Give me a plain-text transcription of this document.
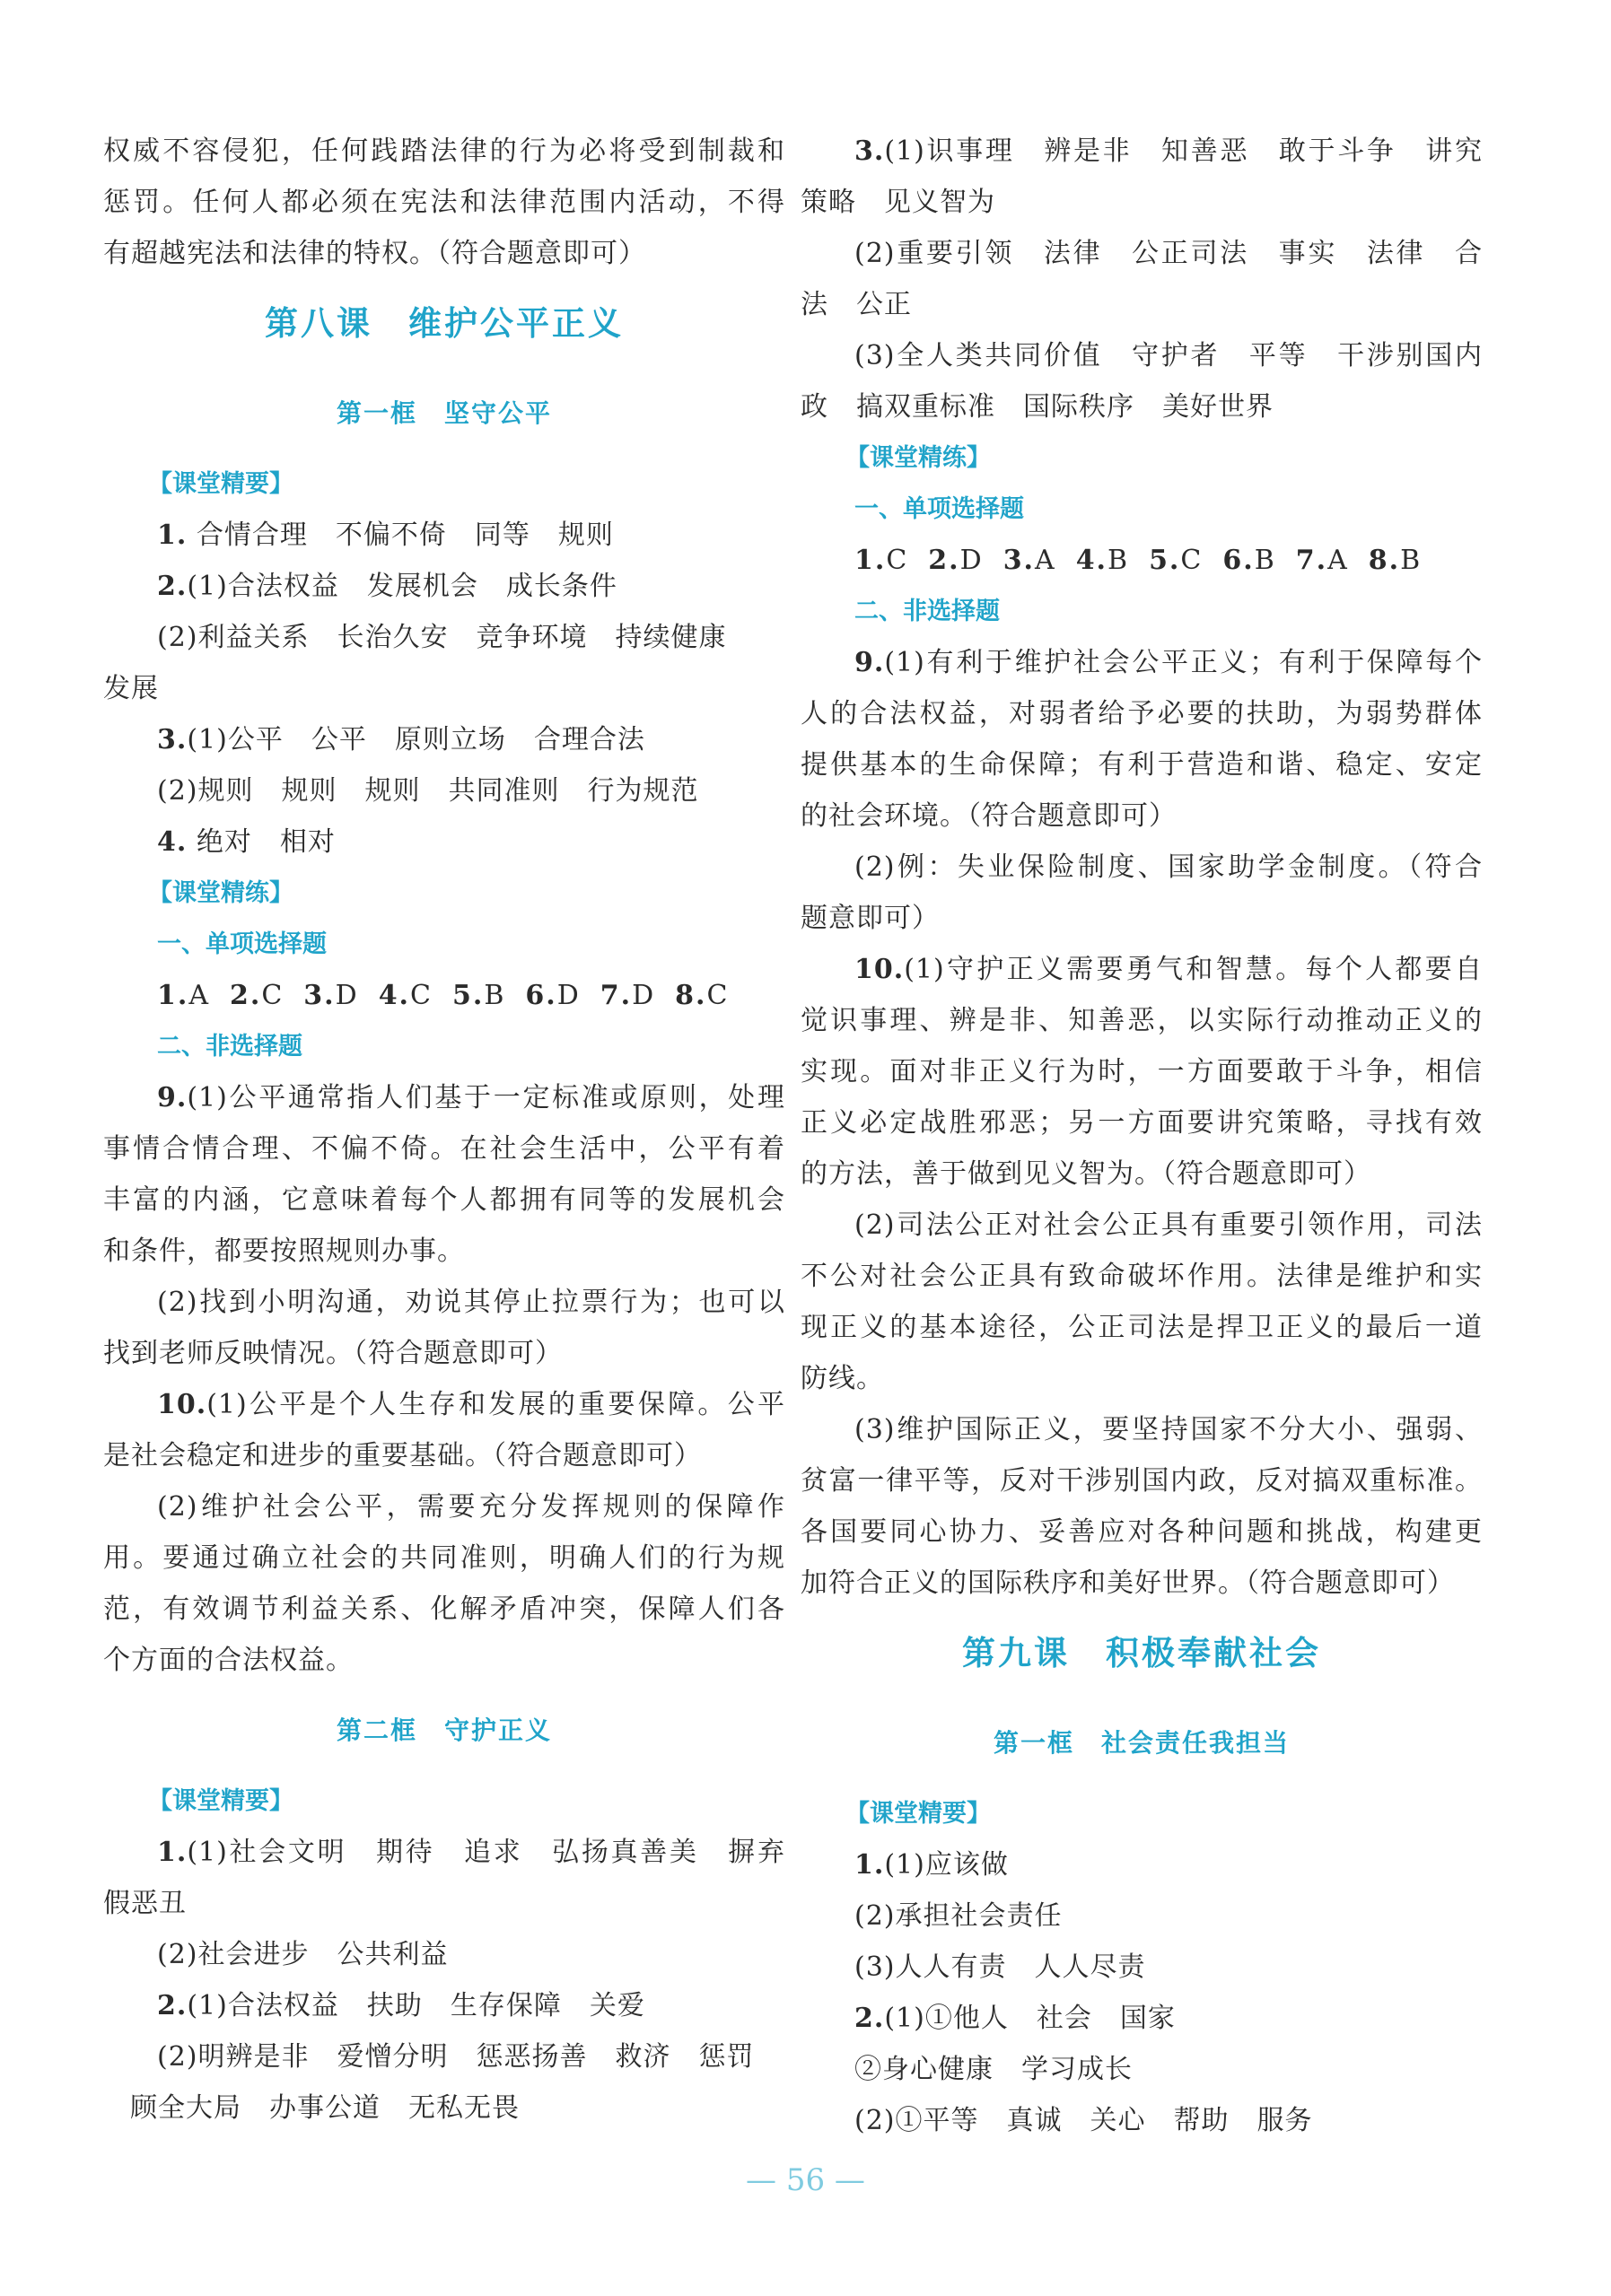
权威不容侵犯，任何践踏法律的行为必将受到制裁和
惩罚。任何人都必须在宪法和法律范围内活动，不得
有超越宪法和法律的特权。（符合题意即可）
第八课　维护公平正义
第一框　坚守公平
【课堂精要】
1. 合情合理　不偏不倚　同等　规则
2.(1)合法权益　发展机会　成长条件
(2)利益关系　长治久安　竞争环境　持续健康
发展
3.(1)公平　公平　原则立场　合理合法
(2)规则　规则　规则　共同准则　行为规范
4. 绝对　相对
【课堂精练】
一、单项选择题
1.A 2.C 3.D 4.C 5.B 6.D 7.D 8.C
二、非选择题
9.(1)公平通常指人们基于一定标准或原则，处理
事情合情合理、不偏不倚。在社会生活中，公平有着
丰富的内涵，它意味着每个人都拥有同等的发展机会
和条件，都要按照规则办事。
(2)找到小明沟通，劝说其停止拉票行为；也可以
找到老师反映情况。（符合题意即可）
10.(1)公平是个人生存和发展的重要保障。公平
是社会稳定和进步的重要基础。（符合题意即可）
(2)维护社会公平，需要充分发挥规则的保障作
用。要通过确立社会的共同准则，明确人们的行为规
范，有效调节利益关系、化解矛盾冲突，保障人们各
个方面的合法权益。
第二框　守护正义
【课堂精要】
1.(1)社会文明　期待　追求　弘扬真善美　摒弃
假恶丑
(2)社会进步　公共利益
2.(1)合法权益　扶助　生存保障　关爱
(2)明辨是非　爱憎分明　惩恶扬善　救济　惩罚
顾全大局　办事公道　无私无畏
3.(1)识事理　辨是非　知善恶　敢于斗争　讲究
策略　见义智为
(2)重要引领　法律　公正司法　事实　法律　合
法　公正
(3)全人类共同价值　守护者　平等　干涉别国内
政　搞双重标准　国际秩序　美好世界
【课堂精练】
一、单项选择题
1.C 2.D 3.A 4.B 5.C 6.B 7.A 8.B
二、非选择题
9.(1)有利于维护社会公平正义；有利于保障每个
人的合法权益，对弱者给予必要的扶助，为弱势群体
提供基本的生命保障；有利于营造和谐、稳定、安定
的社会环境。（符合题意即可）
(2)例：失业保险制度、国家助学金制度。（符合
题意即可）
10.(1)守护正义需要勇气和智慧。每个人都要自
觉识事理、辨是非、知善恶，以实际行动推动正义的
实现。面对非正义行为时，一方面要敢于斗争，相信
正义必定战胜邪恶；另一方面要讲究策略，寻找有效
的方法，善于做到见义智为。（符合题意即可）
(2)司法公正对社会公正具有重要引领作用，司法
不公对社会公正具有致命破坏作用。法律是维护和实
现正义的基本途径，公正司法是捍卫正义的最后一道
防线。
(3)维护国际正义，要坚持国家不分大小、强弱、
贫富一律平等，反对干涉别国内政，反对搞双重标准。
各国要同心协力、妥善应对各种问题和挑战，构建更
加符合正义的国际秩序和美好世界。（符合题意即可）
第九课　积极奉献社会
第一框　社会责任我担当
【课堂精要】
1.(1)应该做
(2)承担社会责任
(3)人人有责　人人尽责
2.(1)①他人　社会　国家
②身心健康　学习成长
(2)①平等　真诚　关心　帮助　服务
— 56 —
